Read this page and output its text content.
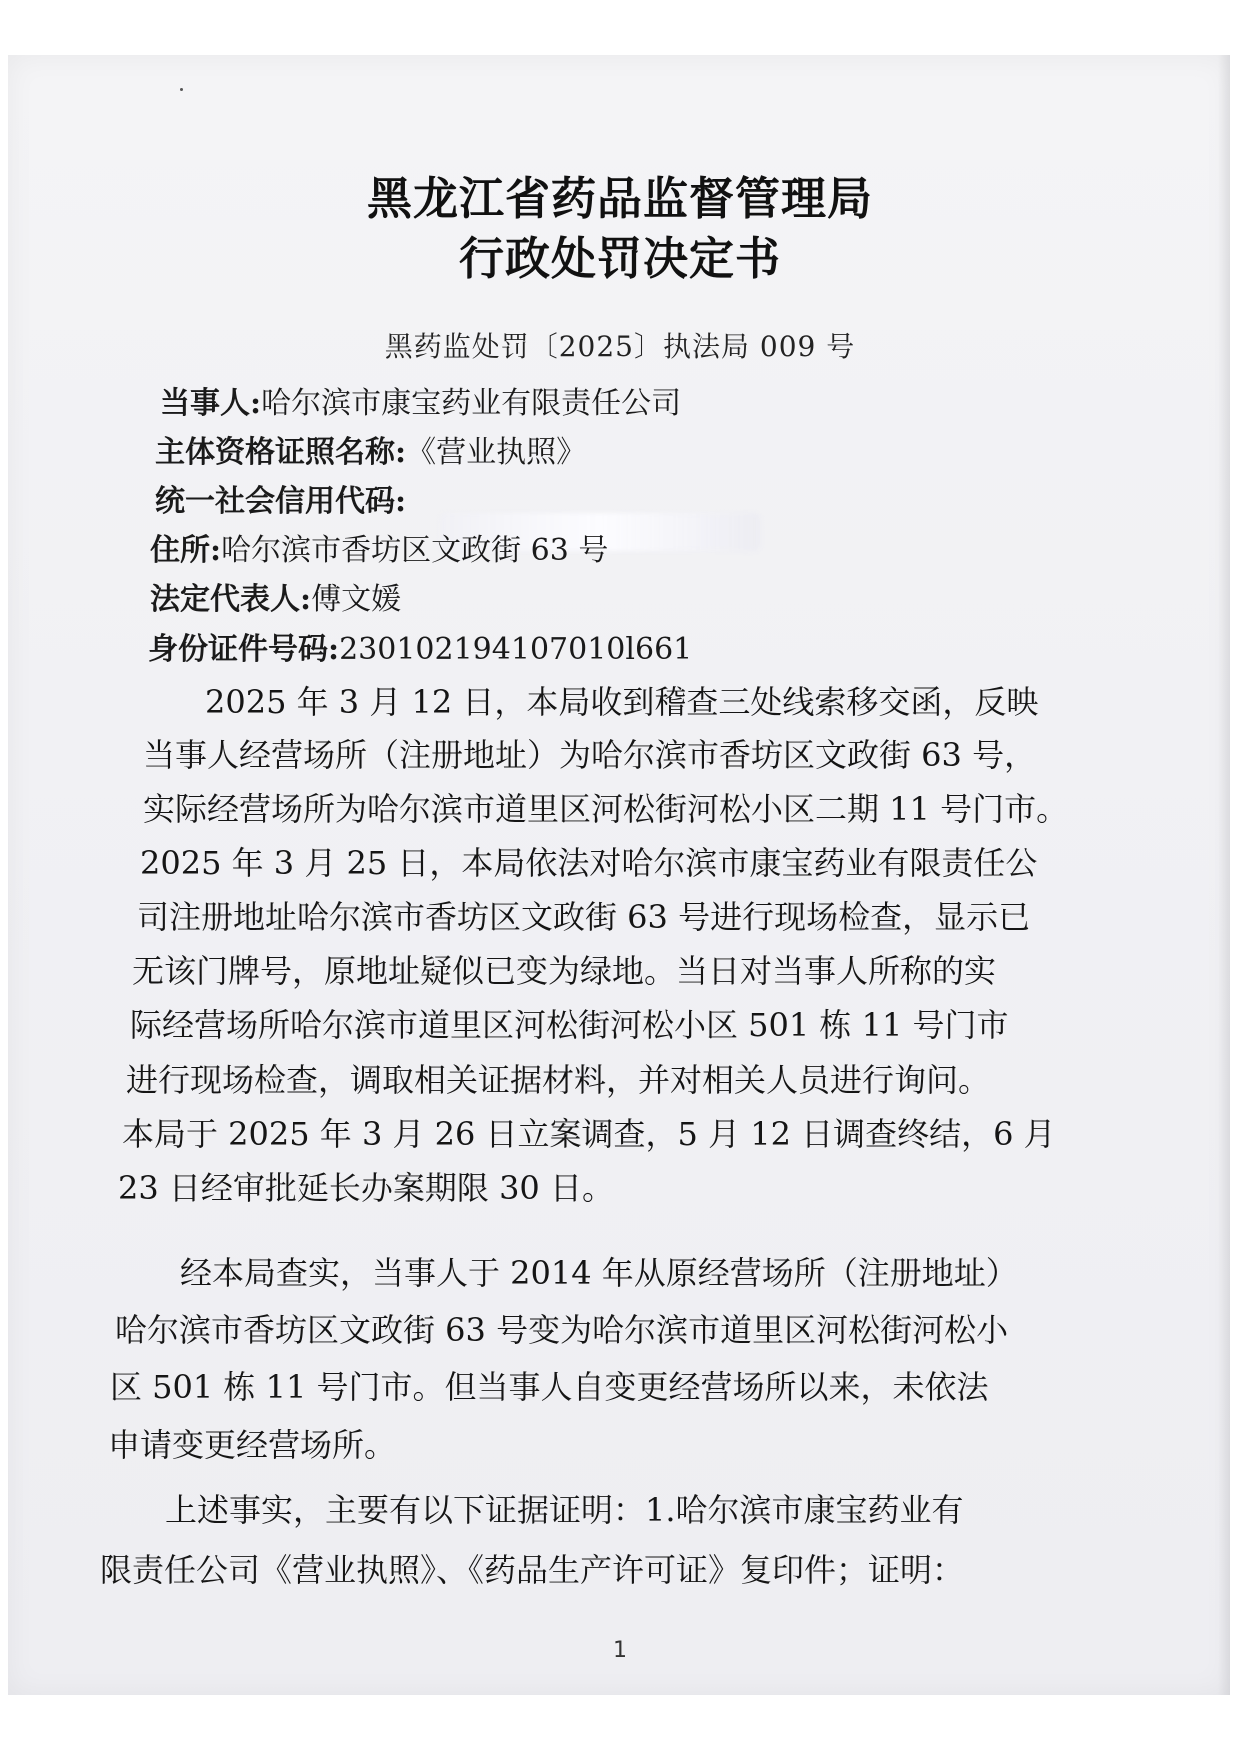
黑龙江省药品监督管理局
行政处罚决定书
黑药监处罚〔2025〕执法局 009 号
当事人:哈尔滨市康宝药业有限责任公司
主体资格证照名称:《营业执照》
统一社会信用代码:
住所:哈尔滨市香坊区文政街 63 号
法定代表人:傅文媛
身份证件号码:230102194107010l661
2025 年 3 月 12 日，本局收到稽查三处线索移交函，反映
当事人经营场所（注册地址）为哈尔滨市香坊区文政街 63 号，
实际经营场所为哈尔滨市道里区河松街河松小区二期 11 号门市。
2025 年 3 月 25 日，本局依法对哈尔滨市康宝药业有限责任公
司注册地址哈尔滨市香坊区文政街 63 号进行现场检查，显示已
无该门牌号，原地址疑似已变为绿地。当日对当事人所称的实
际经营场所哈尔滨市道里区河松街河松小区 501 栋 11 号门市
进行现场检查，调取相关证据材料，并对相关人员进行询问。
本局于 2025 年 3 月 26 日立案调查，5 月 12 日调查终结，6 月
23 日经审批延长办案期限 30 日。
经本局查实，当事人于 2014 年从原经营场所（注册地址）
哈尔滨市香坊区文政街 63 号变为哈尔滨市道里区河松街河松小
区 501 栋 11 号门市。但当事人自变更经营场所以来，未依法
申请变更经营场所。
上述事实，主要有以下证据证明：1.哈尔滨市康宝药业有
限责任公司《营业执照》、《药品生产许可证》复印件；证明：
1
